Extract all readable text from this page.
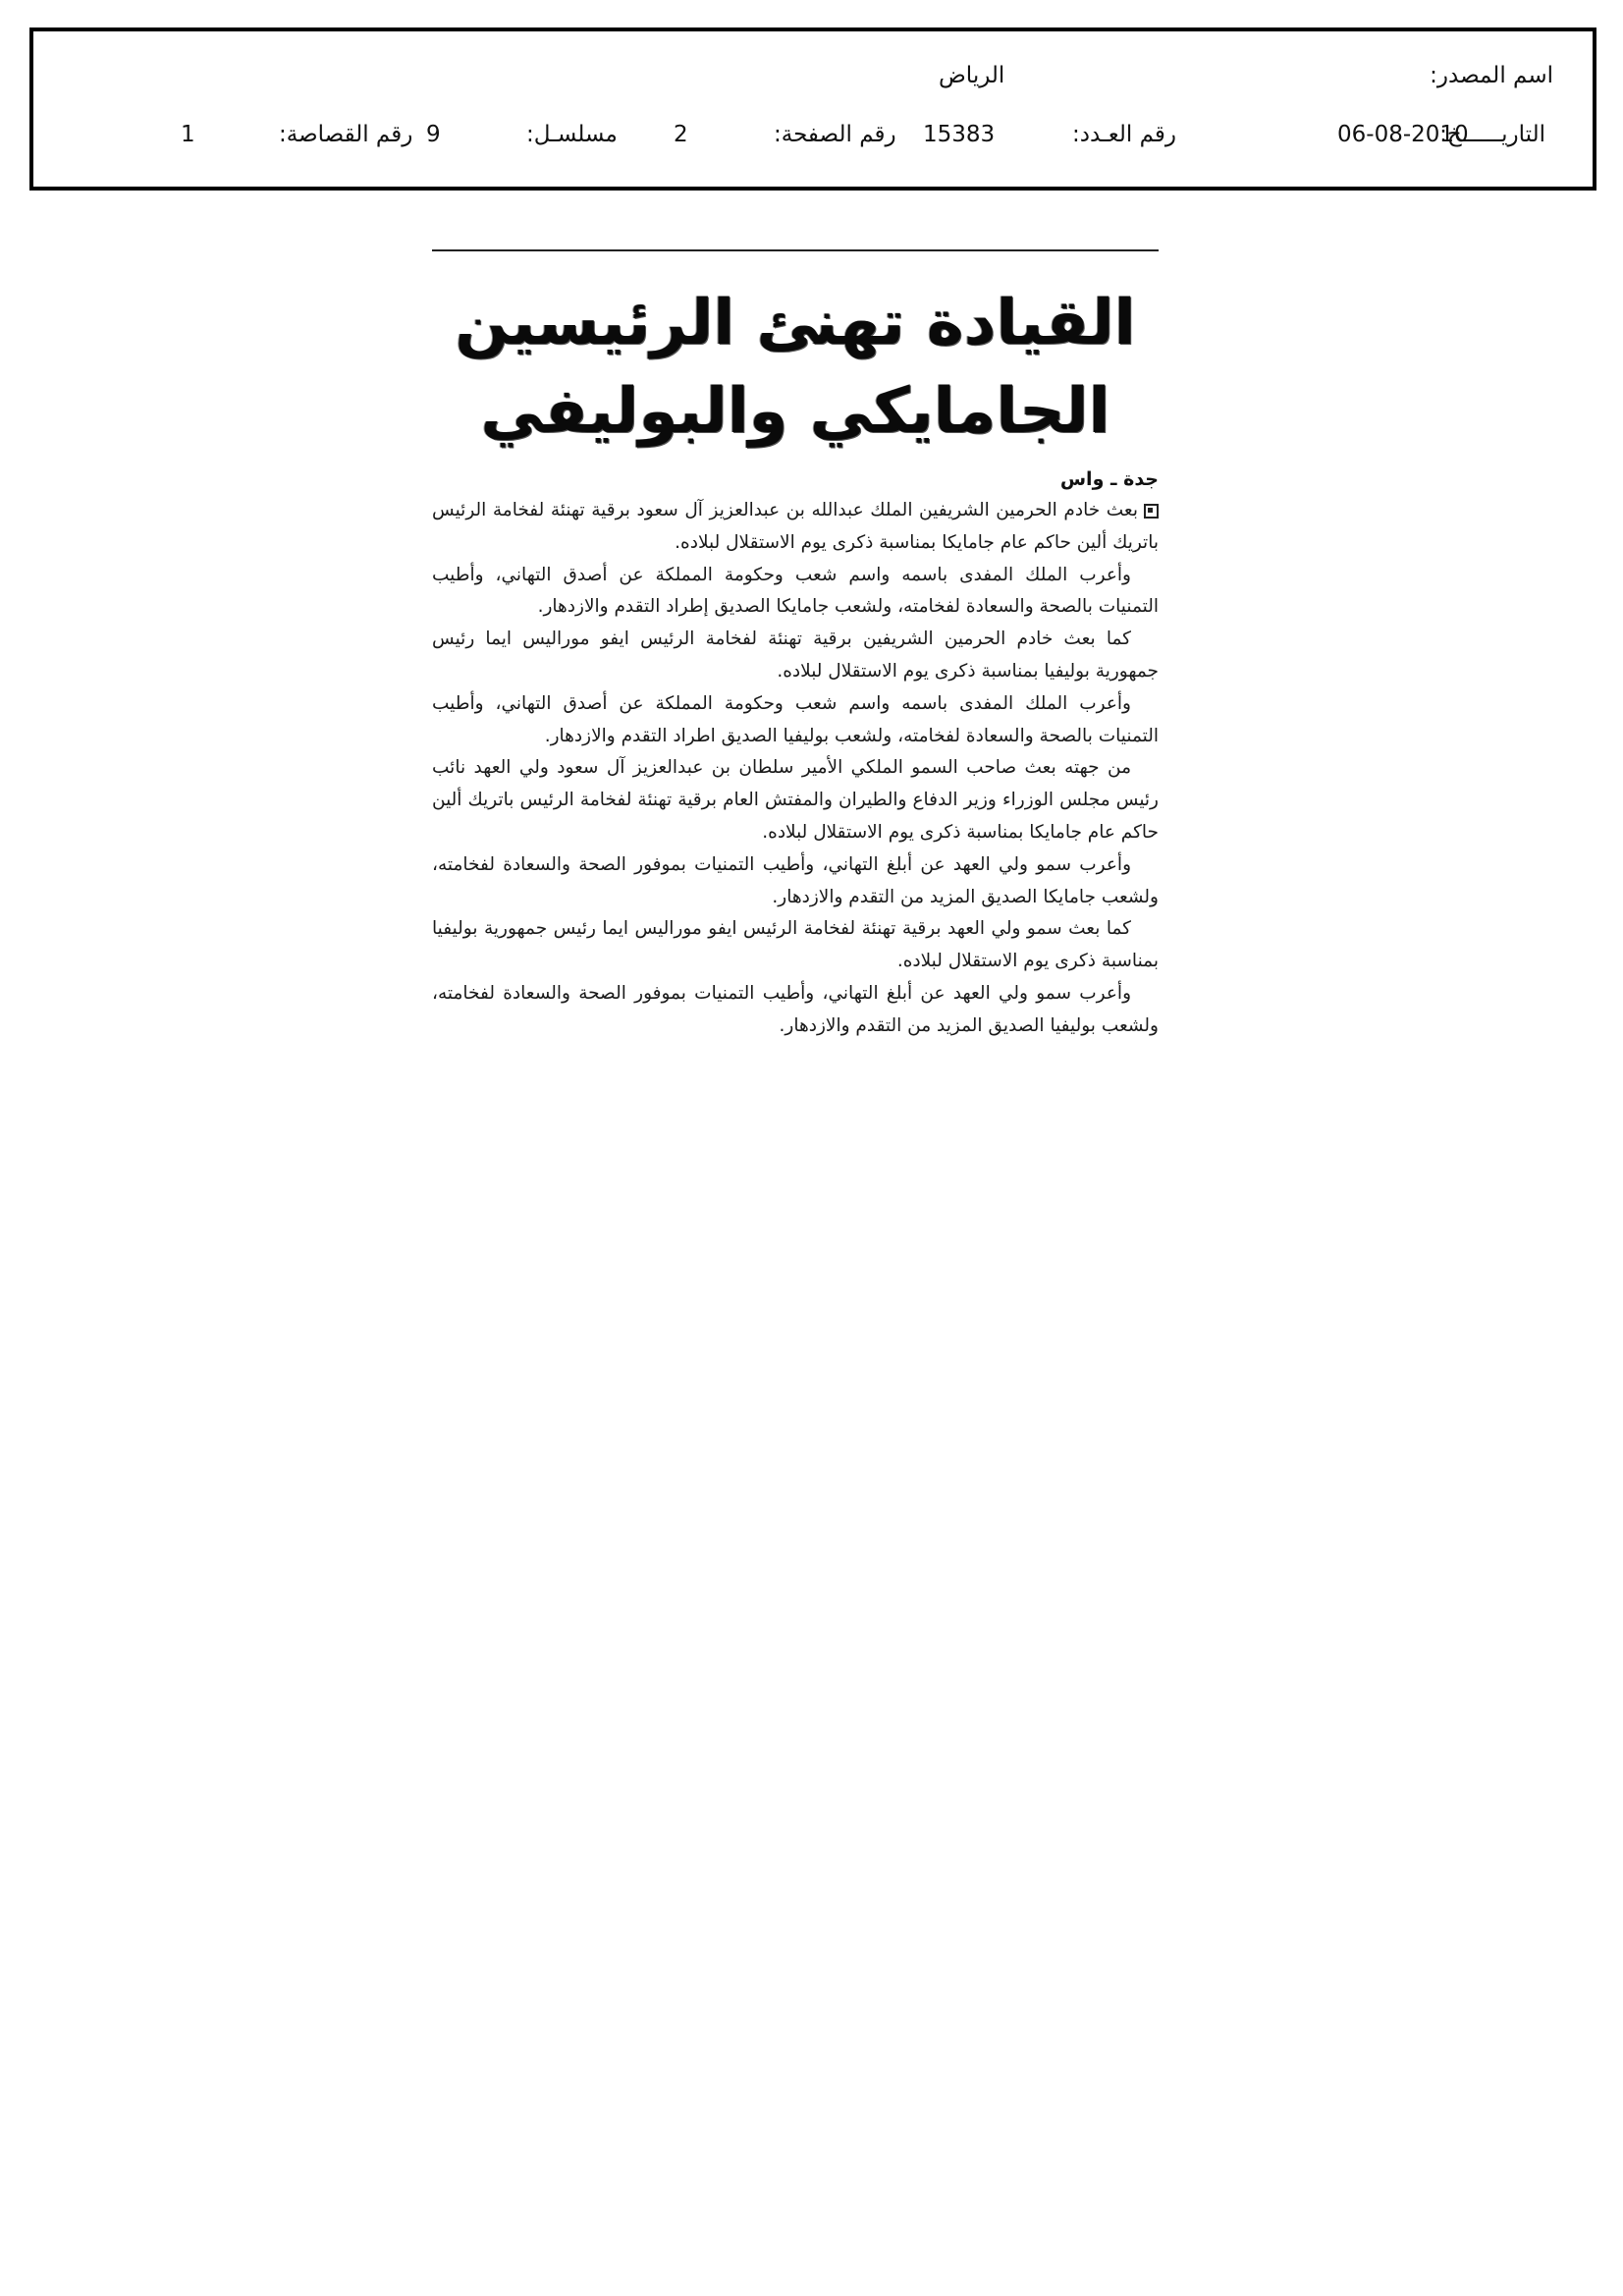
اسم المصدر:
الرياض
التاريــــــخ:
06-08-2010
رقم العـدد:
15383
رقم الصفحة:
2
مسلسـل:
9
رقم القصاصة:
1
القيادة تهنئ الرئيسين
الجامايكي والبوليفي
جدة ـ واس

بعث خادم الحرمين الشريفين الملك عبدالله بن عبدالعزيز آل سعود برقية تهنئة لفخامة الرئيس باتريك ألين حاكم عام جامايكا بمناسبة ذكرى يوم الاستقلال لبلاده.

وأعرب الملك المفدى باسمه واسم شعب وحكومة المملكة عن أصدق التهاني، وأطيب التمنيات بالصحة والسعادة لفخامته، ولشعب جامايكا الصديق إطراد التقدم والازدهار.

كما بعث خادم الحرمين الشريفين برقية تهنئة لفخامة الرئيس ايفو موراليس ايما رئيس جمهورية بوليفيا بمناسبة ذكرى يوم الاستقلال لبلاده.

وأعرب الملك المفدى باسمه واسم شعب وحكومة المملكة عن أصدق التهاني، وأطيب التمنيات بالصحة والسعادة لفخامته، ولشعب بوليفيا الصديق اطراد التقدم والازدهار.

من جهته بعث صاحب السمو الملكي الأمير سلطان بن عبدالعزيز آل سعود ولي العهد نائب رئيس مجلس الوزراء وزير الدفاع والطيران والمفتش العام برقية تهنئة لفخامة الرئيس باتريك ألين حاكم عام جامايكا بمناسبة ذكرى يوم الاستقلال لبلاده.

وأعرب سمو ولي العهد عن أبلغ التهاني، وأطيب التمنيات بموفور الصحة والسعادة لفخامته، ولشعب جامايكا الصديق المزيد من التقدم والازدهار.

كما بعث سمو ولي العهد برقية تهنئة لفخامة الرئيس ايفو موراليس ايما رئيس جمهورية بوليفيا بمناسبة ذكرى يوم الاستقلال لبلاده.

وأعرب سمو ولي العهد عن أبلغ التهاني، وأطيب التمنيات بموفور الصحة والسعادة لفخامته، ولشعب بوليفيا الصديق المزيد من التقدم والازدهار.
